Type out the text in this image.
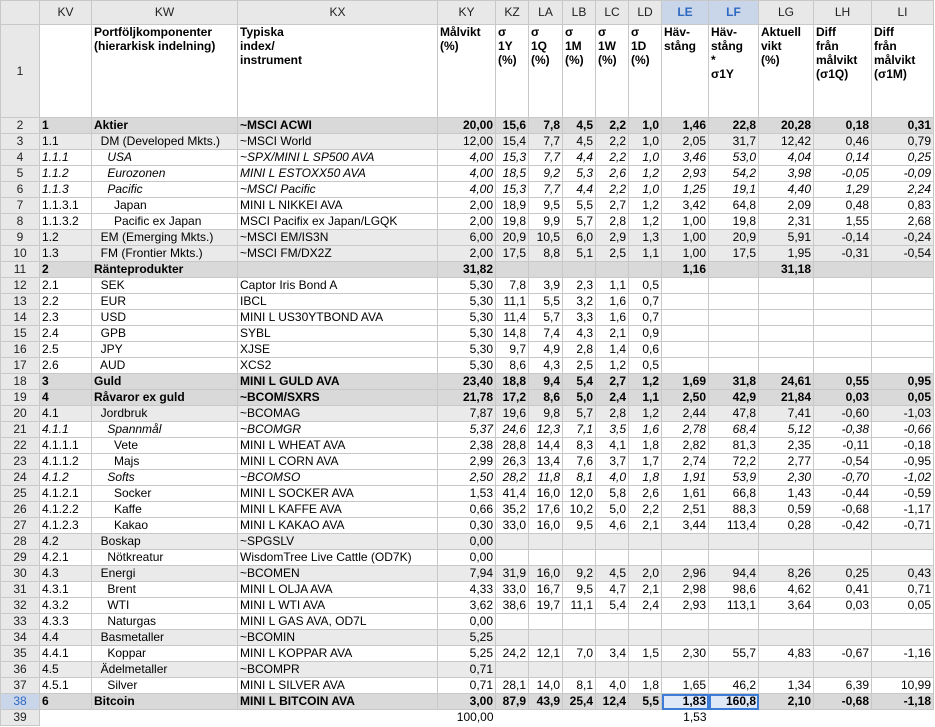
	KV	KW	KX	KY	KZ	LA	LB	LC	LD	LE	LF	LG	LH	LI
1		Portföljkomponenter
(hierarkisk indelning)	Typiska
index/
instrument	Målvikt
(%)	σ
1Y
(%)	σ
1Q
(%)	σ
1M
(%)	σ
1W
(%)	σ
1D
(%)	Häv-
stång	Häv-
stång
*
σ1Y	Aktuell
vikt
(%)	Diff
från
målvikt
(σ1Q)	Diff
från
målvikt
(σ1M)
2	1	Aktier	~MSCI ACWI	20,00	15,6	7,8	4,5	2,2	1,0	1,46	22,8	20,28	0,18	0,31
3	1.1	DM (Developed Mkts.)	~MSCI World	12,00	15,4	7,7	4,5	2,2	1,0	2,05	31,7	12,42	0,46	0,79
4	1.1.1	USA	~SPX/MINI L SP500 AVA	4,00	15,3	7,7	4,4	2,2	1,0	3,46	53,0	4,04	0,14	0,25
5	1.1.2	Eurozonen	MINI L ESTOXX50 AVA	4,00	18,5	9,2	5,3	2,6	1,2	2,93	54,2	3,98	-0,05	-0,09
6	1.1.3	Pacific	~MSCI Pacific	4,00	15,3	7,7	4,4	2,2	1,0	1,25	19,1	4,40	1,29	2,24
7	1.1.3.1	Japan	MINI L NIKKEI AVA	2,00	18,9	9,5	5,5	2,7	1,2	3,42	64,8	2,09	0,48	0,83
8	1.1.3.2	Pacific ex Japan	MSCI Pacifix ex Japan/LGQK	2,00	19,8	9,9	5,7	2,8	1,2	1,00	19,8	2,31	1,55	2,68
9	1.2	EM (Emerging Mkts.)	~MSCI EM/IS3N	6,00	20,9	10,5	6,0	2,9	1,3	1,00	20,9	5,91	-0,14	-0,24
10	1.3	FM (Frontier Mkts.)	~MSCI FM/DX2Z	2,00	17,5	8,8	5,1	2,5	1,1	1,00	17,5	1,95	-0,31	-0,54
11	2	Ränteprodukter		31,82						1,16		31,18		
12	2.1	SEK	Captor Iris Bond A	5,30	7,8	3,9	2,3	1,1	0,5					
13	2.2	EUR	IBCL	5,30	11,1	5,5	3,2	1,6	0,7					
14	2.3	USD	MINI L US30YTBOND AVA	5,30	11,4	5,7	3,3	1,6	0,7					
15	2.4	GPB	SYBL	5,30	14,8	7,4	4,3	2,1	0,9					
16	2.5	JPY	XJSE	5,30	9,7	4,9	2,8	1,4	0,6					
17	2.6	AUD	XCS2	5,30	8,6	4,3	2,5	1,2	0,5					
18	3	Guld	MINI L GULD AVA	23,40	18,8	9,4	5,4	2,7	1,2	1,69	31,8	24,61	0,55	0,95
19	4	Råvaror ex guld	~BCOM/SXRS	21,78	17,2	8,6	5,0	2,4	1,1	2,50	42,9	21,84	0,03	0,05
20	4.1	Jordbruk	~BCOMAG	7,87	19,6	9,8	5,7	2,8	1,2	2,44	47,8	7,41	-0,60	-1,03
21	4.1.1	Spannmål	~BCOMGR	5,37	24,6	12,3	7,1	3,5	1,6	2,78	68,4	5,12	-0,38	-0,66
22	4.1.1.1	Vete	MINI L WHEAT AVA	2,38	28,8	14,4	8,3	4,1	1,8	2,82	81,3	2,35	-0,11	-0,18
23	4.1.1.2	Majs	MINI L CORN AVA	2,99	26,3	13,4	7,6	3,7	1,7	2,74	72,2	2,77	-0,54	-0,95
24	4.1.2	Softs	~BCOMSO	2,50	28,2	11,8	8,1	4,0	1,8	1,91	53,9	2,30	-0,70	-1,02
25	4.1.2.1	Socker	MINI L SOCKER AVA	1,53	41,4	16,0	12,0	5,8	2,6	1,61	66,8	1,43	-0,44	-0,59
26	4.1.2.2	Kaffe	MINI L KAFFE AVA	0,66	35,2	17,6	10,2	5,0	2,2	2,51	88,3	0,59	-0,68	-1,17
27	4.1.2.3	Kakao	MINI L KAKAO AVA	0,30	33,0	16,0	9,5	4,6	2,1	3,44	113,4	0,28	-0,42	-0,71
28	4.2	Boskap	~SPGSLV	0,00										
29	4.2.1	Nötkreatur	WisdomTree Live Cattle (OD7K)	0,00										
30	4.3	Energi	~BCOMEN	7,94	31,9	16,0	9,2	4,5	2,0	2,96	94,4	8,26	0,25	0,43
31	4.3.1	Brent	MINI L OLJA AVA	4,33	33,0	16,7	9,5	4,7	2,1	2,98	98,6	4,62	0,41	0,71
32	4.3.2	WTI	MINI L WTI AVA	3,62	38,6	19,7	11,1	5,4	2,4	2,93	113,1	3,64	0,03	0,05
33	4.3.3	Naturgas	MINI L GAS AVA, OD7L	0,00										
34	4.4	Basmetaller	~BCOMIN	5,25										
35	4.4.1	Koppar	MINI L KOPPAR AVA	5,25	24,2	12,1	7,0	3,4	1,5	2,30	55,7	4,83	-0,67	-1,16
36	4.5	Ädelmetaller	~BCOMPR	0,71										
37	4.5.1	Silver	MINI L SILVER AVA	0,71	28,1	14,0	8,1	4,0	1,8	1,65	46,2	1,34	6,39	10,99
38	6	Bitcoin	MINI L BITCOIN AVA	3,00	87,9	43,9	25,4	12,4	5,5	1,83	160,8	2,10	-0,68	-1,18
39				100,00						1,53				
